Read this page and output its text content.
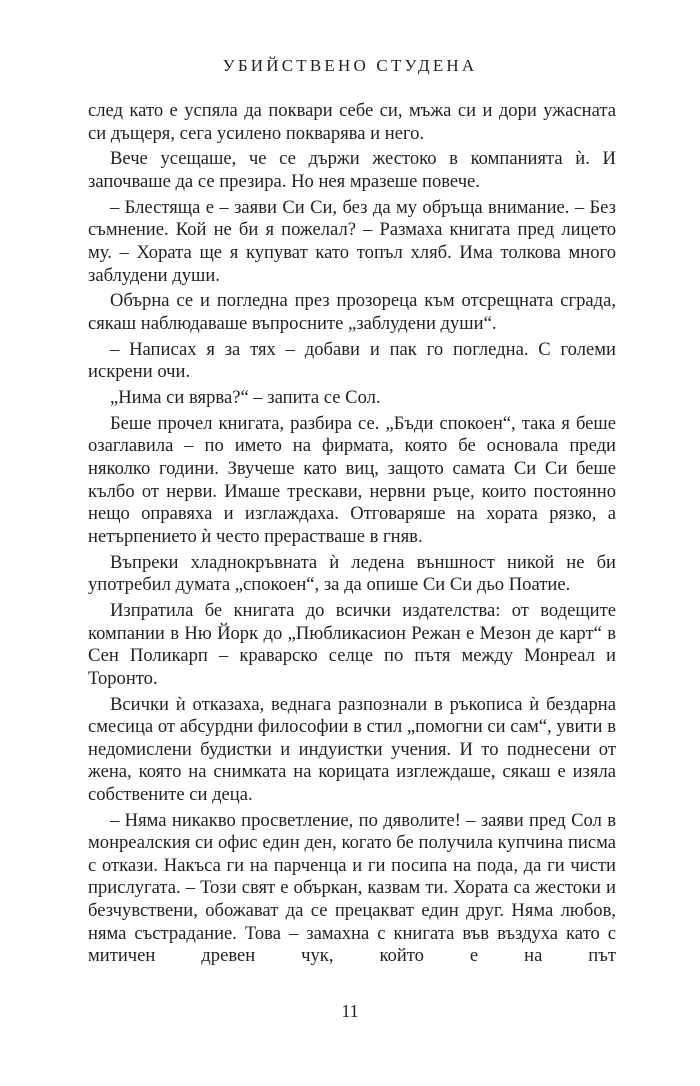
УБИЙСТВЕНО СТУДЕНА

след като е успяла да поквари себе си, мъжа си и дори ужасната си дъщеря, сега усилено покварява и него.

Вече усещаше, че се държи жестоко в компанията ѝ. И започваше да се презира. Но нея мразеше повече.

– Блестяща е – заяви Си Си, без да му обръща внимание. – Без съмнение. Кой не би я пожелал? – Размаха книгата пред лицето му. – Хората ще я купуват като топъл хляб. Има толкова много заблудени души.

Обърна се и погледна през прозореца към отсрещната сграда, сякаш наблюдаваше въпросните „заблудени души“.

– Написах я за тях – добави и пак го погледна. С големи искрени очи.

„Нима си вярва?“ – запита се Сол.

Беше прочел книгата, разбира се. „Бъди спокоен“, така я беше озаглавила – по името на фирмата, която бе основала преди няколко години. Звучеше като виц, защото самата Си Си беше кълбо от нерви. Имаше трескави, нервни ръце, които постоянно нещо оправяха и изглаждаха. Отговаряше на хората рязко, а нетърпението ѝ често прерастваше в гняв.

Въпреки хладнокръвната ѝ ледена външност никой не би употребил думата „спокоен“, за да опише Си Си дьо Поатие.

Изпратила бе книгата до всички издателства: от водещите компании в Ню Йорк до „Пюбликасион Режан е Мезон де карт“ в Сен Поликарп – краварско селце по пътя между Монреал и Торонто.

Всички ѝ отказаха, веднага разпознали в ръкописа ѝ бездарна смесица от абсурдни философии в стил „помогни си сам“, увити в недомислени будистки и индуистки учения. И то поднесени от жена, която на снимката на корицата изглеждаше, сякаш е изяла собствените си деца.

– Няма никакво просветление, по дяволите! – заяви пред Сол в монреалския си офис един ден, когато бе получила купчина писма с откази. Накъса ги на парченца и ги посипа на пода, да ги чисти прислугата. – Този свят е объркан, казвам ти. Хората са жестоки и безчувствени, обожават да се прецакват един друг. Няма любов, няма състрадание. Това – замахна с книгата във въздуха като с митичен древен чук, който е на път

11
